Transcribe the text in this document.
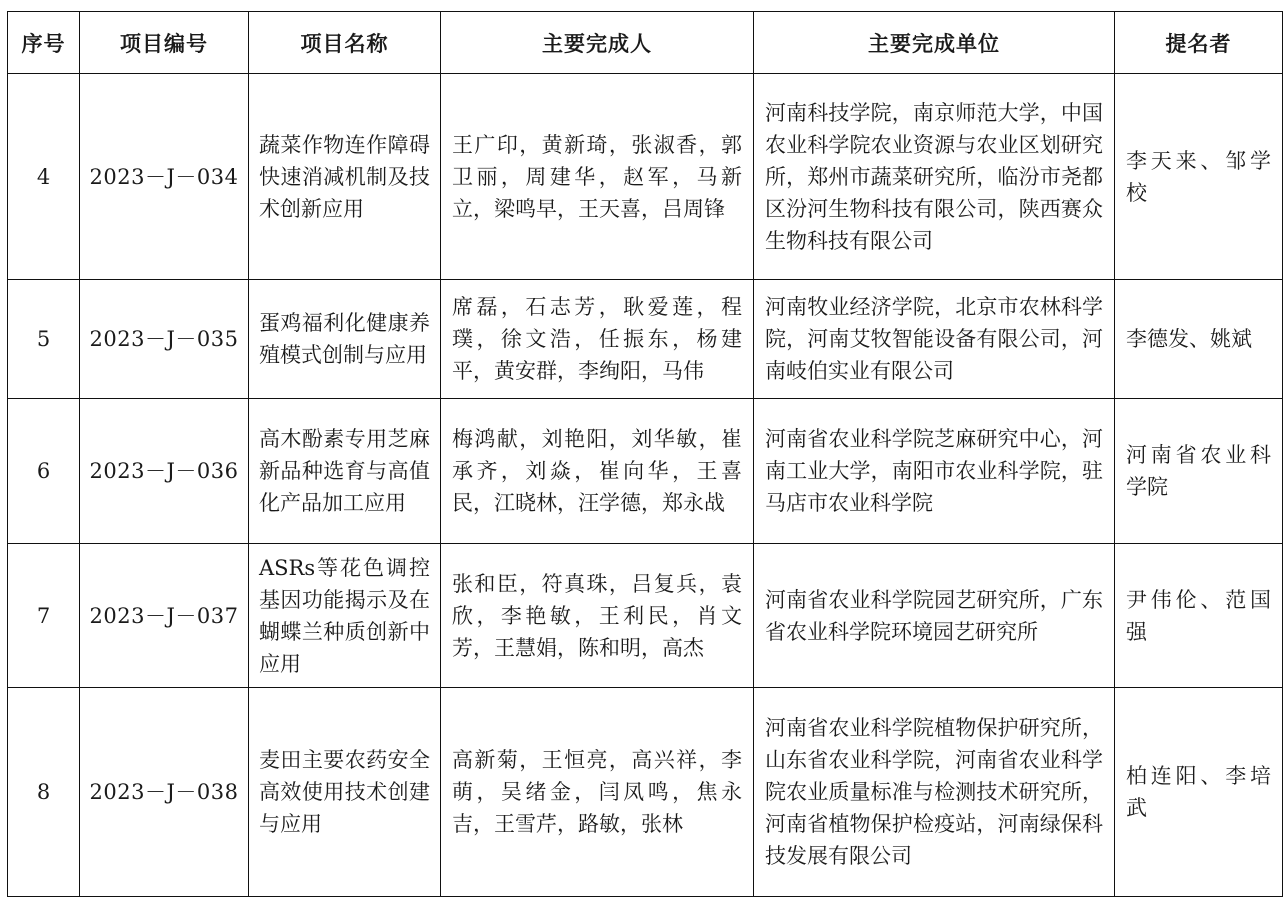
序号	项目编号	项目名称	主要完成人	主要完成单位	提名者
4	2023－J－034	蔬菜作物连作障碍快速消减机制及技术创新应用	王广印，黄新琦，张淑香，郭卫丽，周建华，赵军，马新立，梁鸣早，王天喜，吕周锋	河南科技学院，南京师范大学，中国农业科学院农业资源与农业区划研究所，郑州市蔬菜研究所，临汾市尧都区汾河生物科技有限公司，陕西赛众生物科技有限公司	李天来、邹学校
5	2023－J－035	蛋鸡福利化健康养殖模式创制与应用	席磊，石志芳，耿爱莲，程璞，徐文浩，任振东，杨建平，黄安群，李绚阳，马伟	河南牧业经济学院，北京市农林科学院，河南艾牧智能设备有限公司，河南岐伯实业有限公司	李德发、姚斌
6	2023－J－036	高木酚素专用芝麻新品种选育与高值化产品加工应用	梅鸿献，刘艳阳，刘华敏，崔承齐，刘焱，崔向华，王喜民，江晓林，汪学德，郑永战	河南省农业科学院芝麻研究中心，河南工业大学，南阳市农业科学院，驻马店市农业科学院	河南省农业科学院
7	2023－J－037	ASRs等花色调控基因功能揭示及在蝴蝶兰种质创新中应用	张和臣，符真珠，吕复兵，袁欣，李艳敏，王利民，肖文芳，王慧娟，陈和明，高杰	河南省农业科学院园艺研究所，广东省农业科学院环境园艺研究所	尹伟伦、范国强
8	2023－J－038	麦田主要农药安全高效使用技术创建与应用	高新菊，王恒亮，高兴祥，李萌，吴绪金，闫凤鸣，焦永吉，王雪芹，路敏，张林	河南省农业科学院植物保护研究所，山东省农业科学院，河南省农业科学院农业质量标准与检测技术研究所，河南省植物保护检疫站，河南绿保科技发展有限公司	柏连阳、李培武
